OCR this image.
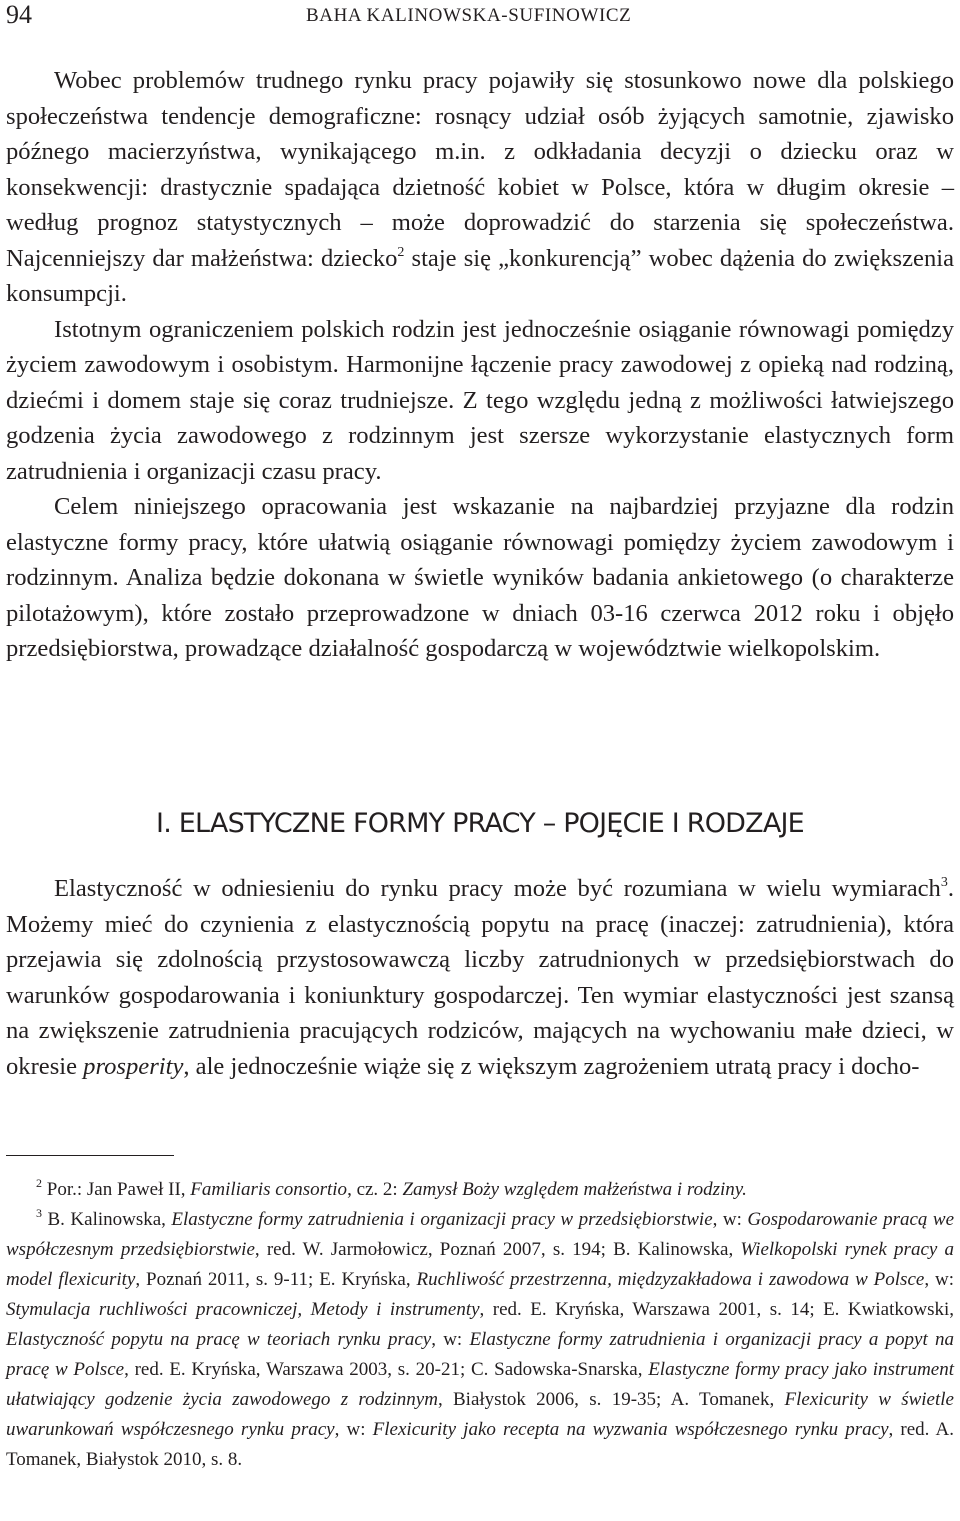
94	BAHA KALINOWSKA-SUFINOWICZ

Wobec problemów trudnego rynku pracy pojawiły się stosunkowo nowe dla polskiego społeczeństwa tendencje demograficzne: rosnący udział osób żyjących samotnie, zjawisko późnego macierzyństwa, wynikającego m.in. z odkładania decyzji o dziecku oraz w konsekwencji: drastycznie spadająca dzietność kobiet w Polsce, która w długim okresie – według prognoz statystycznych – może doprowadzić do starzenia się społeczeństwa. Najcenniejszy dar małżeństwa: dziecko$^2$ staje się „konkurencją” wobec dążenia do zwiększenia konsumpcji.

Istotnym ograniczeniem polskich rodzin jest jednocześnie osiąganie równowagi pomiędzy życiem zawodowym i osobistym. Harmonijne łączenie pracy zawodowej z opieką nad rodziną, dziećmi i domem staje się coraz trudniejsze. Z tego względu jedną z możliwości łatwiejszego godzenia życia zawodowego z rodzinnym jest szersze wykorzystanie elastycznych form zatrudnienia i organizacji czasu pracy.

Celem niniejszego opracowania jest wskazanie na najbardziej przyjazne dla rodzin elastyczne formy pracy, które ułatwią osiąganie równowagi pomiędzy życiem zawodowym i rodzinnym. Analiza będzie dokonana w świetle wyników badania ankietowego (o charakterze pilotażowym), które zostało przeprowadzone w dniach 03-16 czerwca 2012 roku i objęło przedsiębiorstwa, prowadzące działalność gospodarczą w województwie wielkopolskim.

I. ELASTYCZNE FORMY PRACY – POJĘCIE I RODZAJE

Elastyczność w odniesieniu do rynku pracy może być rozumiana w wielu wymiarach$^3$. Możemy mieć do czynienia z elastycznością popytu na pracę (inaczej: zatrudnienia), która przejawia się zdolnością przystosowawczą liczby zatrudnionych w przedsiębiorstwach do warunków gospodarowania i koniunktury gospodarczej. Ten wymiar elastyczności jest szansą na zwiększenie zatrudnienia pracujących rodziców, mających na wychowaniu małe dzieci, w okresie prosperity, ale jednocześnie wiąże się z większym zagrożeniem utratą pracy i docho-

$^2$ Por.: Jan Paweł II, Familiaris consortio, cz. 2: Zamysł Boży względem małżeństwa i rodziny.

$^3$ B. Kalinowska, Elastyczne formy zatrudnienia i organizacji pracy w przedsiębiorstwie, w: Gospodarowanie pracą we współczesnym przedsiębiorstwie, red. W. Jarmołowicz, Poznań 2007, s. 194; B. Kalinowska, Wielkopolski rynek pracy a model flexicurity, Poznań 2011, s. 9-11; E. Kryńska, Ruchliwość przestrzenna, międzyzakładowa i zawodowa w Polsce, w: Stymulacja ruchliwości pracowniczej, Metody i instrumenty, red. E. Kryńska, Warszawa 2001, s. 14; E. Kwiatkowski, Elastyczność popytu na pracę w teoriach rynku pracy, w: Elastyczne formy zatrudnienia i organizacji pracy a popyt na pracę w Polsce, red. E. Kryńska, Warszawa 2003, s. 20-21; C. Sadowska-Snarska, Elastyczne formy pracy jako instrument ułatwiający godzenie życia zawodowego z rodzinnym, Białystok 2006, s. 19-35; A. Tomanek, Flexicurity w świetle uwarunkowań współczesnego rynku pracy, w: Flexicurity jako recepta na wyzwania współczesnego rynku pracy, red. A. Tomanek, Białystok 2010, s. 8.
